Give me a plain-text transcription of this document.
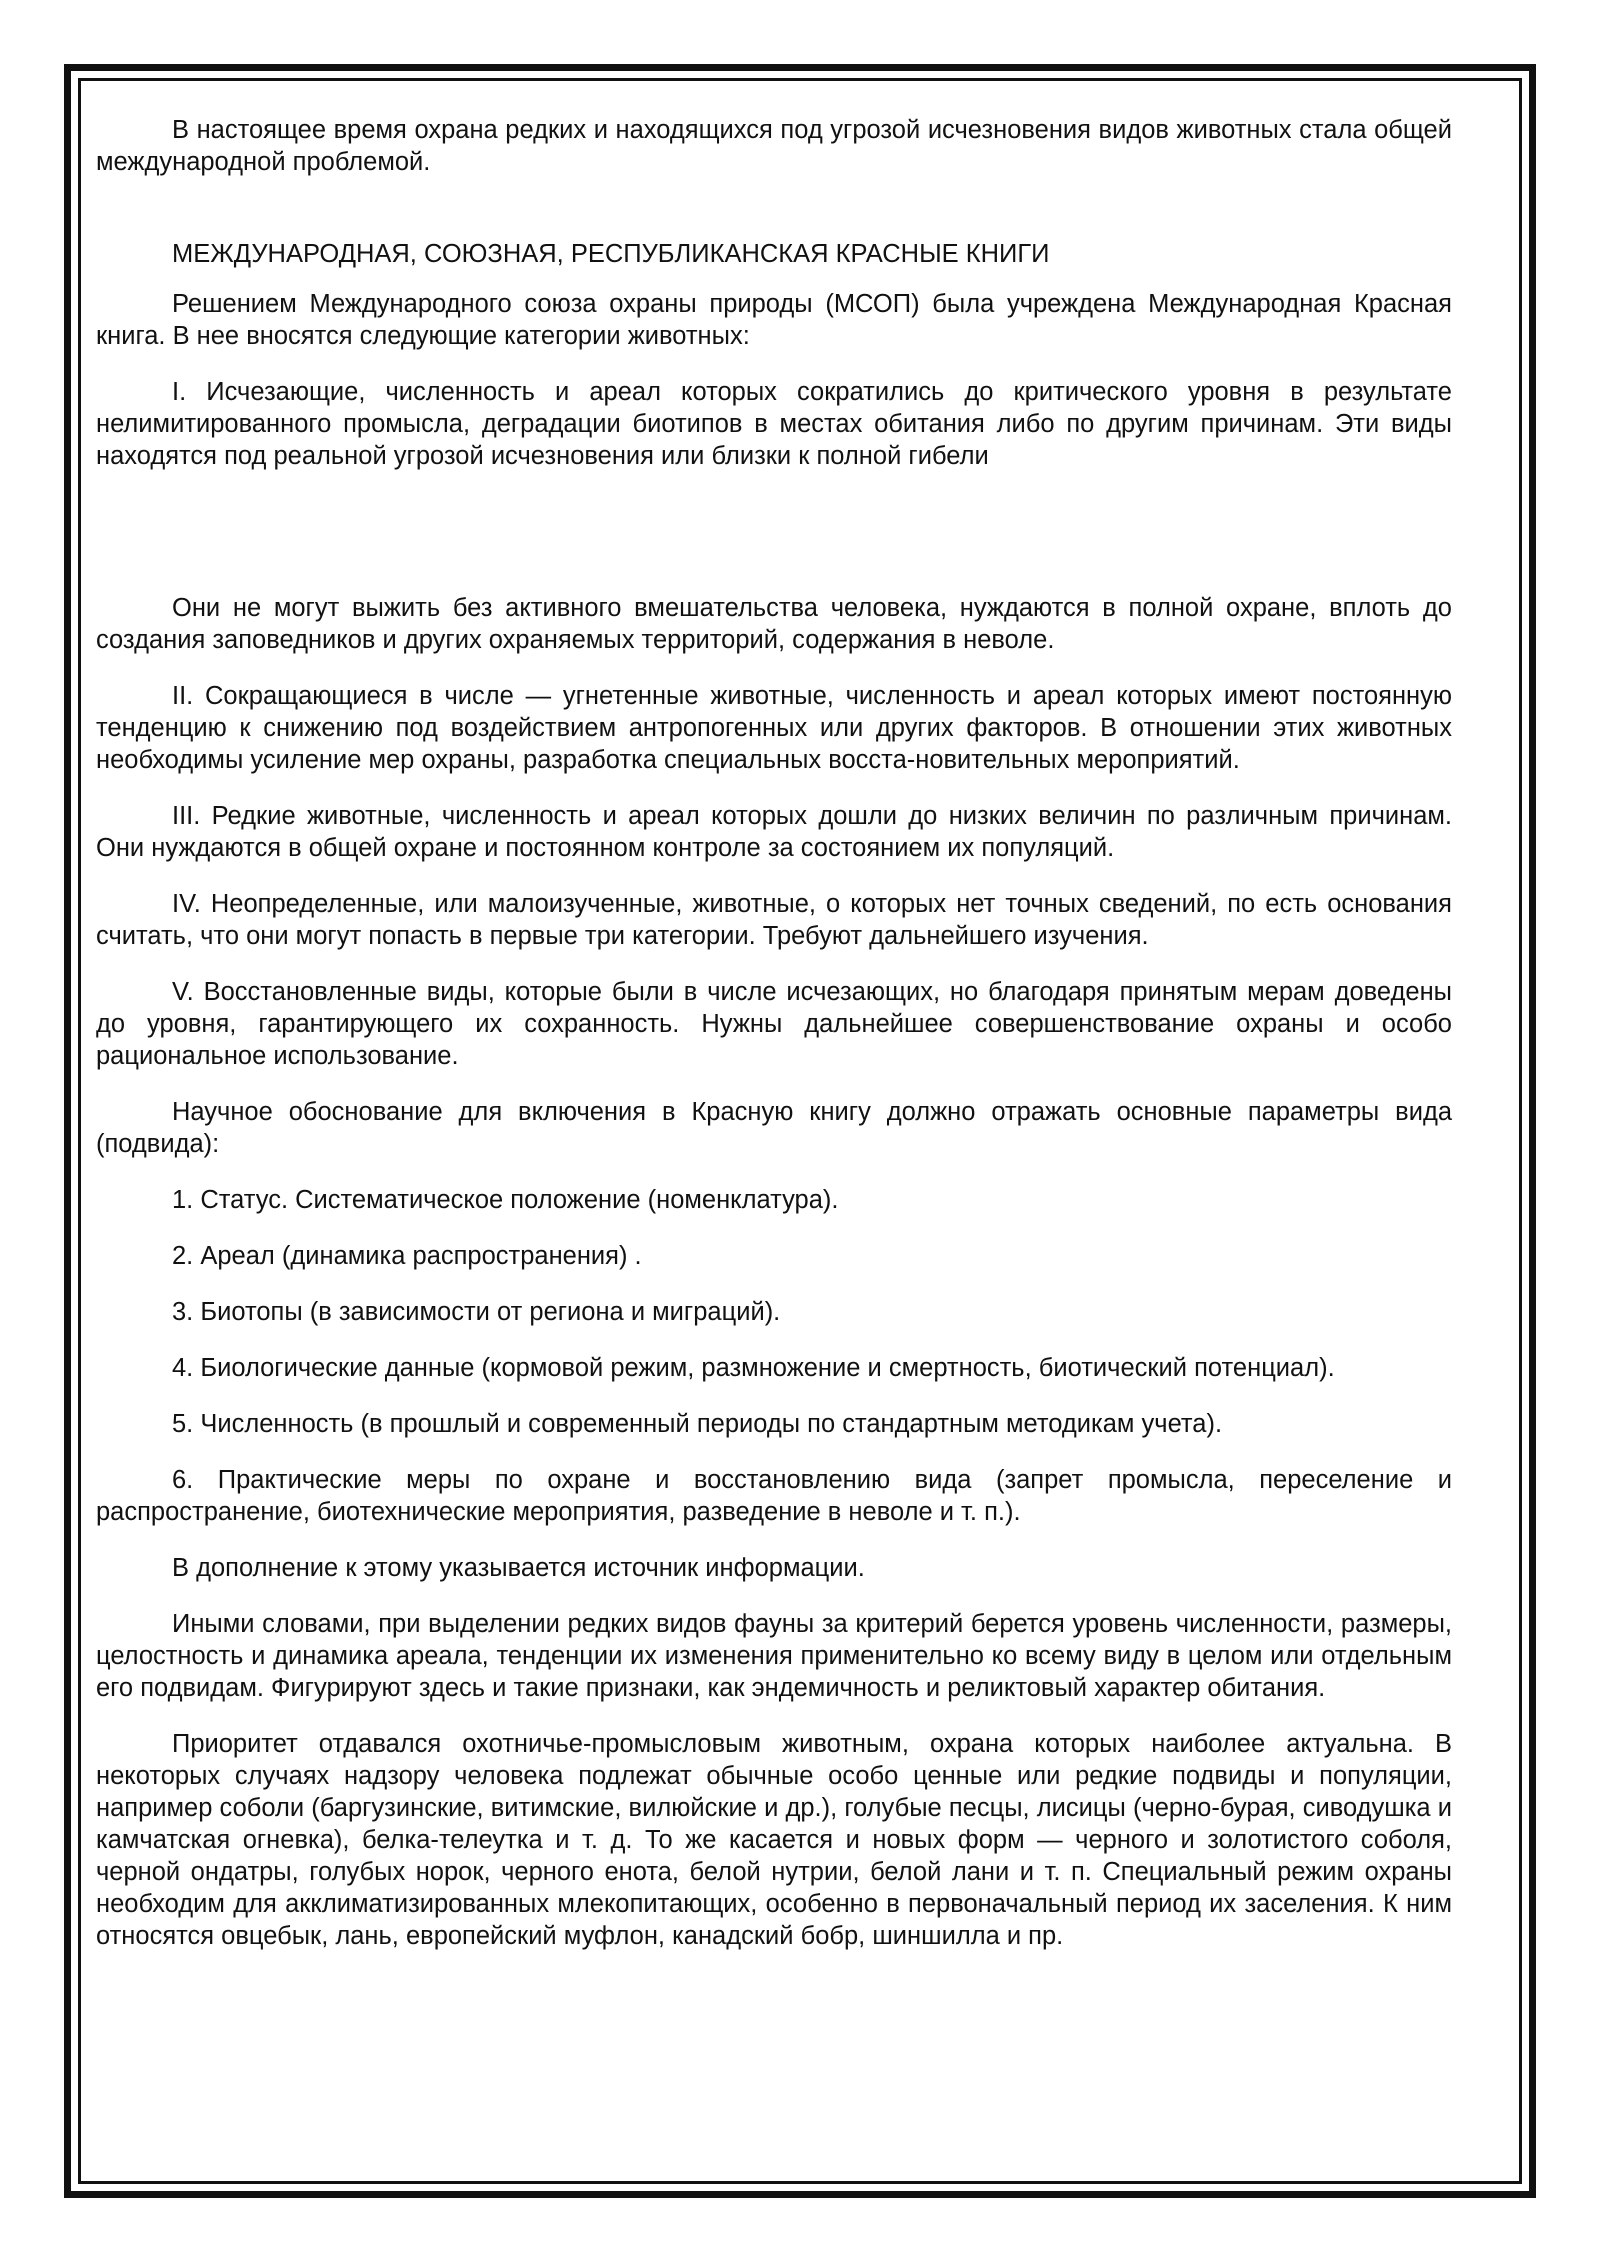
В настоящее время охрана редких и находящихся под угрозой исчезновения видов животных стала общей международной проблемой.

МЕЖДУНАРОДНАЯ, СОЮЗНАЯ, РЕСПУБЛИКАНСКАЯ КРАСНЫЕ КНИГИ

Решением Международного союза охраны природы (МСОП) была учреждена Международная Красная книга. В нее вносятся следующие категории животных:

I. Исчезающие, численность и ареал которых сократились до критического уровня в результате нелимитированного промысла, деградации биотипов в местах обитания либо по другим причинам. Эти виды находятся под реальной угрозой исчезновения или близки к полной гибели

Они не могут выжить без активного вмешательства человека, нуждаются в полной охране, вплоть до создания заповедников и других охраняемых территорий, содержания в неволе.

II. Сокращающиеся в числе — угнетенные животные, численность и ареал которых имеют постоянную тенденцию к снижению под воздействием антропогенных или других факторов. В отношении этих животных необходимы усиление мер охраны, разработка специальных восста-новительных мероприятий.

III. Редкие животные, численность и ареал которых дошли до низких величин по различным причинам. Они нуждаются в общей охране и постоянном контроле за состоянием их популяций.

IV. Неопределенные, или малоизученные, животные, о которых нет точных сведений, по есть основания считать, что они могут попасть в первые три категории. Требуют дальнейшего изучения.

V. Восстановленные виды, которые были в числе исчезающих, но благодаря принятым мерам доведены до уровня, гарантирующего их сохранность. Нужны дальнейшее совершенствование охраны и особо рациональное использование.

Научное обоснование для включения в Красную книгу должно отражать основные параметры вида (подвида):

1. Статус. Систематическое положение (номенклатура).

2. Ареал (динамика распространения) .

3. Биотопы (в зависимости от региона и миграций).

4. Биологические данные (кормовой режим, размножение и смертность, биотический потенциал).

5. Численность (в прошлый и современный периоды по стандартным методикам учета).

6. Практические меры по охране и восстановлению вида (запрет промысла, переселение и распространение, биотехнические мероприятия, разведение в неволе и т. п.).

В дополнение к этому указывается источник информации.

Иными словами, при выделении редких видов фауны за критерий берется уровень численности, размеры, целостность и динамика ареала, тенденции их изменения применительно ко всему виду в целом или отдельным его подвидам. Фигурируют здесь и такие признаки, как эндемичность и реликтовый характер обитания.

Приоритет отдавался охотничье-промысловым животным, охрана которых наиболее актуальна. В некоторых случаях надзору человека подлежат обычные особо ценные или редкие подвиды и популяции, например соболи (баргузинские, витимские, вилюйские и др.), голубые песцы, лисицы (черно-бурая, сиводушка и камчатская огневка), белка-телеутка и т. д. То же касается и новых форм — черного и золотистого соболя, черной ондатры, голубых норок, черного енота, белой нутрии, белой лани и т. п. Специальный режим охраны необходим для акклиматизированных млекопитающих, особенно в первоначальный период их заселения. К ним относятся овцебык, лань, европейский муфлон, канадский бобр, шиншилла и пр.
